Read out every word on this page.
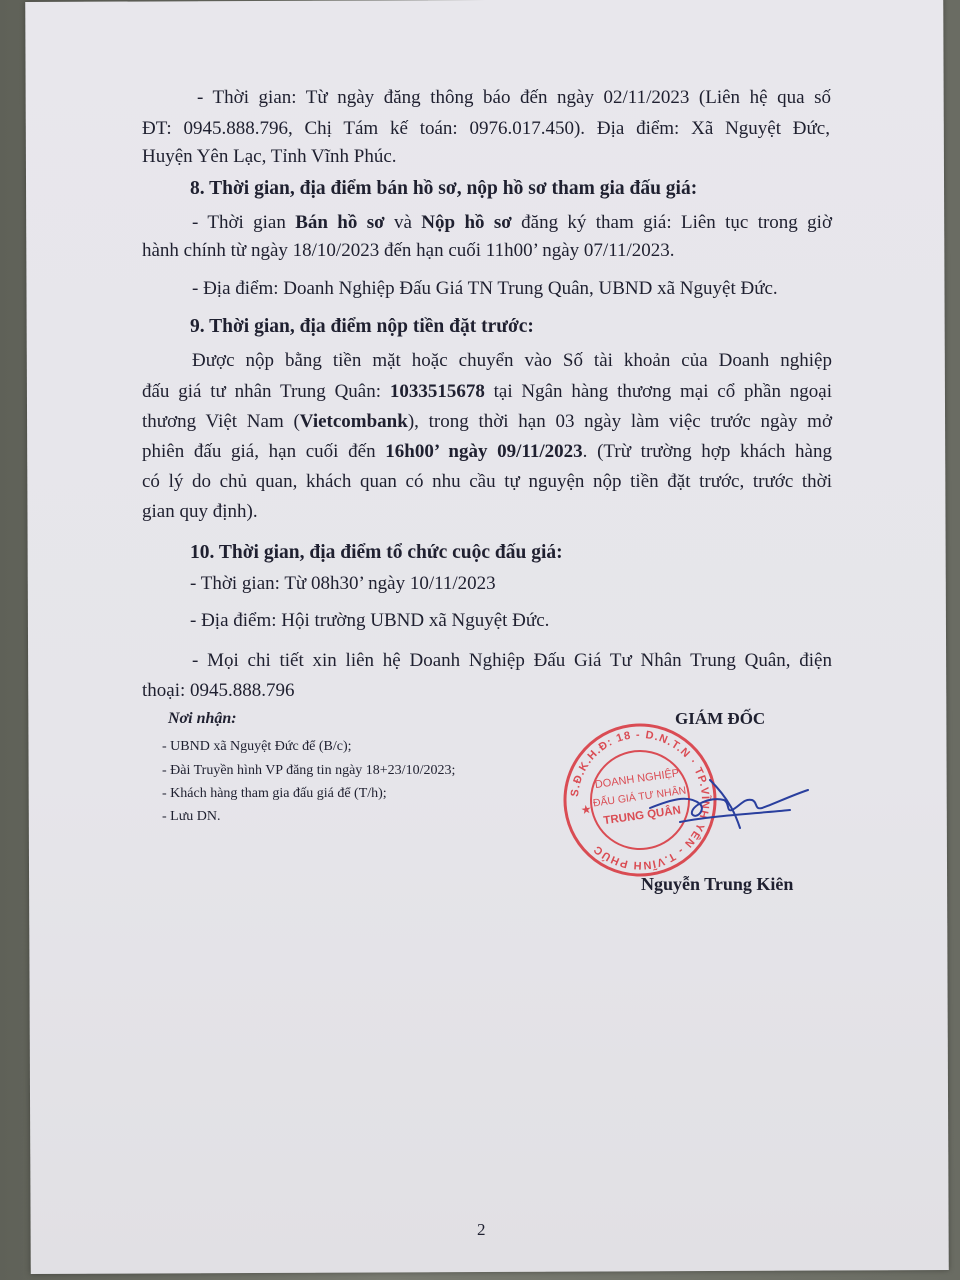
- Thời gian: Từ ngày đăng thông báo đến ngày 02/11/2023 (Liên hệ qua số
ĐT: 0945.888.796, Chị Tám kế toán: 0976.017.450). Địa điểm: Xã Nguyệt Đức,
Huyện Yên Lạc, Tỉnh Vĩnh Phúc.
8. Thời gian, địa điểm bán hồ sơ, nộp hồ sơ tham gia đấu giá:
- Thời gian Bán hồ sơ và Nộp hồ sơ đăng ký tham giá: Liên tục trong giờ
hành chính từ ngày 18/10/2023 đến hạn cuối 11h00’ ngày 07/11/2023.
- Địa điểm: Doanh Nghiệp Đấu Giá TN Trung Quân, UBND xã Nguyệt Đức.
9. Thời gian, địa điểm nộp tiền đặt trước:
Được nộp bằng tiền mặt hoặc chuyển vào Số tài khoản của Doanh nghiệp
đấu giá tư nhân Trung Quân: 1033515678 tại Ngân hàng thương mại cổ phần ngoại
thương Việt Nam (Vietcombank), trong thời hạn 03 ngày làm việc trước ngày mở
phiên đấu giá, hạn cuối đến 16h00’ ngày 09/11/2023. (Trừ trường hợp khách hàng
có lý do chủ quan, khách quan có nhu cầu tự nguyện nộp tiền đặt trước, trước thời
gian quy định).
10. Thời gian, địa điểm tổ chức cuộc đấu giá:
- Thời gian: Từ 08h30’ ngày 10/11/2023
- Địa điểm: Hội trường UBND xã Nguyệt Đức.
- Mọi chi tiết xin liên hệ Doanh Nghiệp Đấu Giá Tư Nhân Trung Quân, điện
thoại: 0945.888.796
Nơi nhận:
- UBND xã Nguyệt Đức để (B/c);
- Đài Truyền hình VP đăng tin ngày 18+23/10/2023;
- Khách hàng tham gia đấu giá để (T/h);
- Lưu DN.
GIÁM ĐỐC
S.Đ.K.H.Đ: 18 - D.N.T.N · TP.VĨNH YÊN - T.VĨNH PHÚC
DOANH NGHIỆP
ĐẤU GIÁ TƯ NHÂN
TRUNG QUÂN
★
Nguyễn Trung Kiên
2
